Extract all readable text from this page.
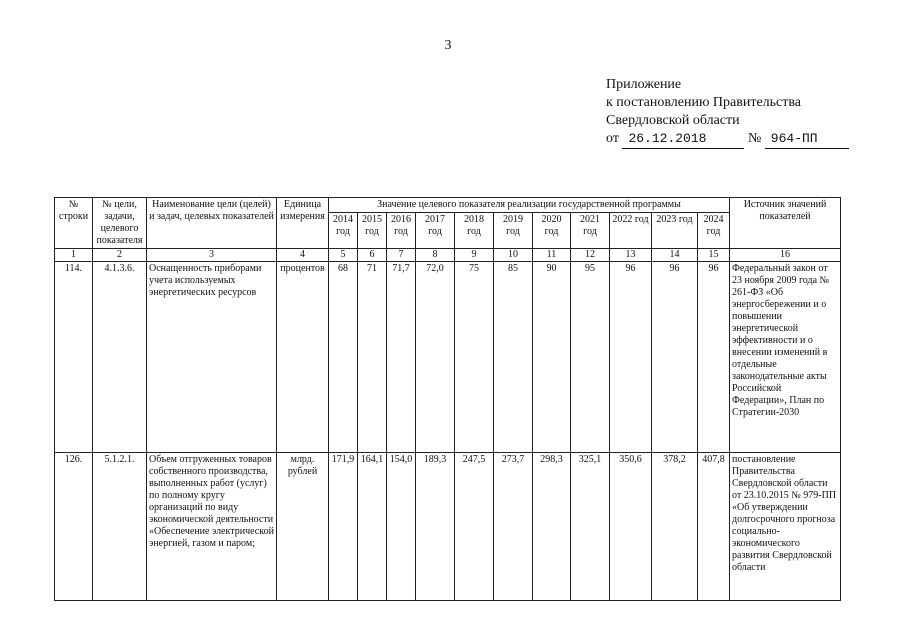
3
Приложение
к постановлению Правительства
Свердловской области
от 26.12.2018	№ 964-ПП
№ строки	№ цели, задачи, целевого показателя	Наименование цели (целей) и задач, целевых показателей	Единица измерения	Значение целевого показателя реализации государственной программы											Источник значений показателей
				2014 год	2015 год	2016 год	2017 год	2018 год	2019 год	2020 год	2021 год	2022 год	2023 год	2024 год	
1	2	3	4	5	6	7	8	9	10	11	12	13	14	15	16
114.	4.1.3.6.	Оснащенность приборами учета используемых энергетических ресурсов	процентов	68	71	71,7	72,0	75	85	90	95	96	96	96	Федеральный закон от 23 ноября 2009 года № 261-ФЗ «Об энергосбережении и о повышении энергетической эффективности и о внесении изменений в отдельные законодательные акты Российской Федерации», План по Стратегии-2030
126.	5.1.2.1.	Объем отгруженных товаров собственного производства, выполненных работ (услуг) по полному кругу организаций по виду экономической деятельности «Обеспечение электрической энергией, газом и паром;	млрд. рублей	171,9	164,1	154,0	189,3	247,5	273,7	298,3	325,1	350,6	378,2	407,8	постановление Правительства Свердловской области от 23.10.2015 № 979-ПП «Об утверждении долгосрочного прогноза социально-экономического развития Свердловской области
